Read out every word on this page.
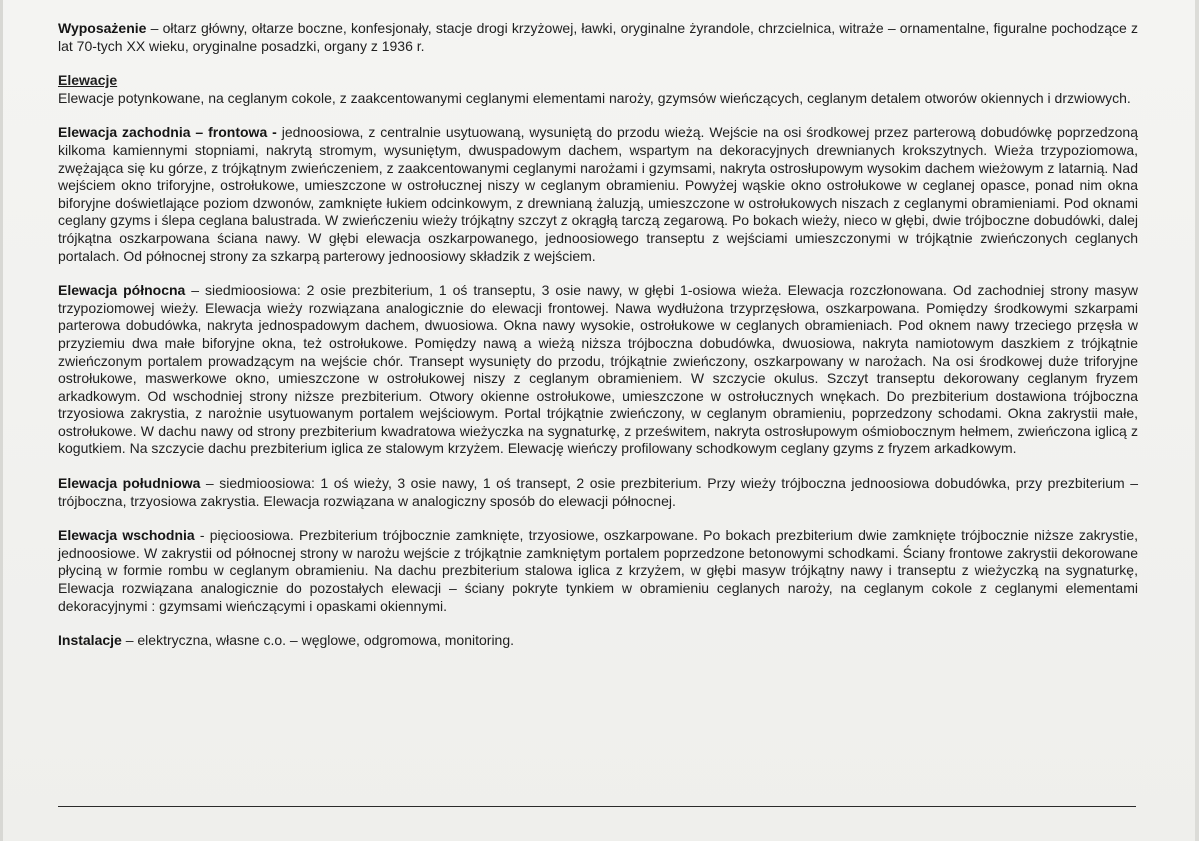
Wyposażenie – ołtarz główny, ołtarze boczne, konfesjonały, stacje drogi krzyżowej, ławki, oryginalne żyrandole, chrzcielnica, witraże – ornamentalne, figuralne pochodzące z lat 70-tych XX wieku, oryginalne posadzki, organy z 1936 r.

Elewacje
Elewacje potynkowane, na ceglanym cokole, z zaakcentowanymi ceglanymi elementami naroży, gzymsów wieńczących, ceglanym detalem otworów okiennych i drzwiowych.

Elewacja zachodnia – frontowa - jednoosiowa, z centralnie usytuowaną, wysuniętą do przodu wieżą. Wejście na osi środkowej przez parterową dobudówkę poprzedzoną kilkoma kamiennymi stopniami, nakrytą stromym, wysuniętym, dwuspadowym dachem, wspartym na dekoracyjnych drewnianych krokszytnych. Wieża trzypoziomowa, zwężająca się ku górze, z trójkątnym zwieńczeniem, z zaakcentowanymi ceglanymi narożami i gzymsami, nakryta ostrosłupowym wysokim dachem wieżowym z latarnią. Nad wejściem okno triforyjne, ostrołukowe, umieszczone w ostrołucznej niszy w ceglanym obramieniu. Powyżej wąskie okno ostrołukowe w ceglanej opasce, ponad nim okna biforyjne doświetlające poziom dzwonów, zamknięte łukiem odcinkowym, z drewnianą żaluzją, umieszczone w ostrołukowych niszach z ceglanymi obramieniami. Pod oknami ceglany gzyms i ślepa ceglana balustrada. W zwieńczeniu wieży trójkątny szczyt z okrągłą tarczą zegarową. Po bokach wieży, nieco w głębi, dwie trójboczne dobudówki, dalej trójkątna oszkarpowana ściana nawy. W głębi elewacja oszkarpowanego, jednoosiowego transeptu z wejściami umieszczonymi w trójkątnie zwieńczonych ceglanych portalach. Od północnej strony za szkarpą parterowy jednoosiowy składzik z wejściem.

Elewacja północna – siedmioosiowa: 2 osie prezbiterium, 1 oś transeptu, 3 osie nawy, w głębi 1-osiowa wieża. Elewacja rozczłonowana. Od zachodniej strony masyw trzypoziomowej wieży. Elewacja wieży rozwiązana analogicznie do elewacji frontowej. Nawa wydłużona trzyprzęsłowa, oszkarpowana. Pomiędzy środkowymi szkarpami parterowa dobudówka, nakryta jednospadowym dachem, dwuosiowa. Okna nawy wysokie, ostrołukowe w ceglanych obramieniach. Pod oknem nawy trzeciego przęsła w przyziemiu dwa małe biforyjne okna, też ostrołukowe. Pomiędzy nawą a wieżą niższa trójboczna dobudówka, dwuosiowa, nakryta namiotowym daszkiem z trójkątnie zwieńczonym portalem prowadzącym na wejście chór. Transept wysunięty do przodu, trójkątnie zwieńczony, oszkarpowany w narożach. Na osi środkowej duże triforyjne ostrołukowe, maswerkowe okno, umieszczone w ostrołukowej niszy z ceglanym obramieniem. W szczycie okulus. Szczyt transeptu dekorowany ceglanym fryzem arkadkowym. Od wschodniej strony niższe prezbiterium. Otwory okienne ostrołukowe, umieszczone w ostrołucznych wnękach. Do prezbiterium dostawiona trójboczna trzyosiowa zakrystia, z narożnie usytuowanym portalem wejściowym. Portal trójkątnie zwieńczony, w ceglanym obramieniu, poprzedzony schodami. Okna zakrystii małe, ostrołukowe. W dachu nawy od strony prezbiterium kwadratowa wieżyczka na sygnaturkę, z prześwitem, nakryta ostrosłupowym ośmiobocznym hełmem, zwieńczona iglicą z kogutkiem. Na szczycie dachu prezbiterium iglica ze stalowym krzyżem. Elewację wieńczy profilowany schodkowym ceglany gzyms z fryzem arkadkowym.

Elewacja południowa – siedmioosiowa: 1 oś wieży, 3 osie nawy, 1 oś transept, 2 osie prezbiterium. Przy wieży trójboczna jednoosiowa dobudówka, przy prezbiterium – trójboczna, trzyosiowa zakrystia. Elewacja rozwiązana w analogiczny sposób do elewacji północnej.

Elewacja wschodnia - pięcioosiowa. Prezbiterium trójbocznie zamknięte, trzyosiowe, oszkarpowane. Po bokach prezbiterium dwie zamknięte trójbocznie niższe zakrystie, jednoosiowe. W zakrystii od północnej strony w narożu wejście z trójkątnie zamkniętym portalem poprzedzone betonowymi schodkami. Ściany frontowe zakrystii dekorowane płyciną w formie rombu w ceglanym obramieniu. Na dachu prezbiterium stalowa iglica z krzyżem, w głębi masyw trójkątny nawy i transeptu z wieżyczką na sygnaturkę, Elewacja rozwiązana analogicznie do pozostałych elewacji – ściany pokryte tynkiem w obramieniu ceglanych naroży, na ceglanym cokole z ceglanymi elementami dekoracyjnymi : gzymsami wieńczącymi i opaskami okiennymi.

Instalacje – elektryczna, własne c.o. – węglowe, odgromowa, monitoring.
